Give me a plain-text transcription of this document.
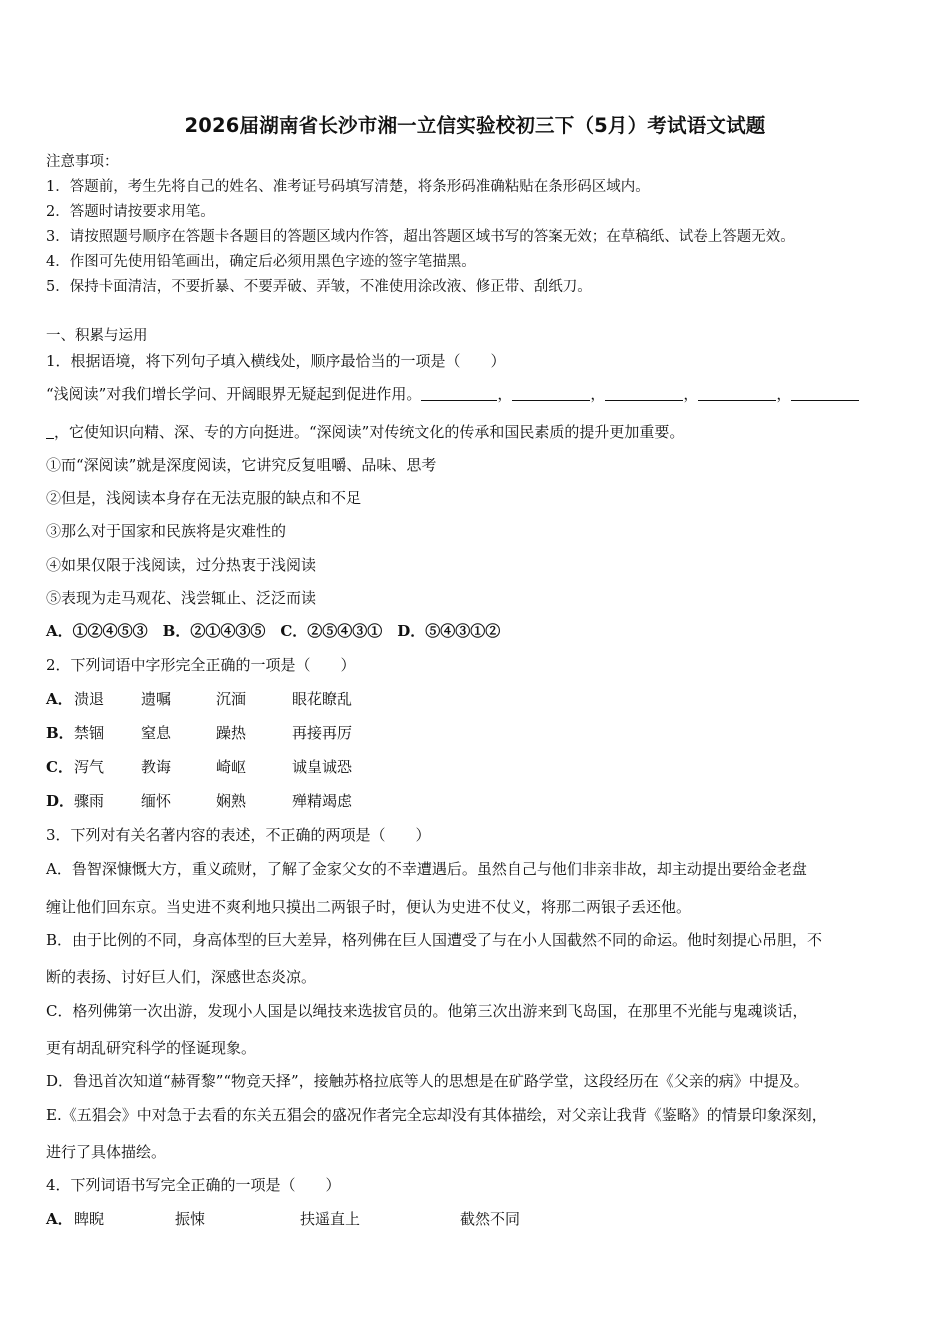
2026届湖南省长沙市湘一立信实验校初三下（5月）考试语文试题
注意事项：
1．答题前，考生先将自己的姓名、准考证号码填写清楚，将条形码准确粘贴在条形码区域内。
2．答题时请按要求用笔。
3．请按照题号顺序在答题卡各题目的答题区域内作答，超出答题区域书写的答案无效；在草稿纸、试卷上答题无效。
4．作图可先使用铅笔画出，确定后必须用黑色字迹的签字笔描黑。
5．保持卡面清洁，不要折暴、不要弄破、弄皱，不准使用涂改液、修正带、刮纸刀。
一、积累与运用
1．根据语境，将下列句子填入横线处，顺序最恰当的一项是（　　）
“浅阅读”对我们增长学问、开阔眼界无疑起到促进作用。	，	，	，	，
，它使知识向精、深、专的方向挺进。“深阅读”对传统文化的传承和国民素质的提升更加重要。
①而“深阅读”就是深度阅读，它讲究反复咀嚼、品味、思考
②但是，浅阅读本身存在无法克服的缺点和不足
③那么对于国家和民族将是灾难性的
④如果仅限于浅阅读，过分热衷于浅阅读
⑤表现为走马观花、浅尝辄止、泛泛而读
A．①②④⑤③　B．②①④③⑤　C．②⑤④③①　D．⑤④③①②
2．下列词语中字形完全正确的一项是（　　）
A． 溃退 遗嘱	沉湎	眼花瞭乱
B． 禁锢 窒息	躁热	再接再厉
C． 泻气 教诲	崎岖	诚皇诚恐
D． 骤雨 缅怀	娴熟	殚精竭虑
3．下列对有关名著内容的表述，不正确的两项是（　　）
A．鲁智深慷慨大方，重义疏财，了解了金家父女的不幸遭遇后。虽然自己与他们非亲非故，却主动提出要给金老盘
缠让他们回东京。当史进不爽利地只摸出二两银子时，便认为史进不仗义，将那二两银子丢还他。
B．由于比例的不同，身高体型的巨大差异，格列佛在巨人国遭受了与在小人国截然不同的命运。他时刻提心吊胆，不
断的表扬、讨好巨人们，深感世态炎凉。
C．格列佛第一次出游，发现小人国是以绳技来选拔官员的。他第三次出游来到飞岛国，在那里不光能与鬼魂谈话，
更有胡乱研究科学的怪诞现象。
D．鲁迅首次知道“赫胥黎”“物竞天择”，接触苏格拉底等人的思想是在矿路学堂，这段经历在《父亲的病》中提及。
E.《五猖会》中对急于去看的东关五猖会的盛况作者完全忘却没有其体描绘，对父亲让我背《鉴略》的情景印象深刻，
进行了具体描绘。
4．下列词语书写完全正确的一项是（　　）
A． 睥睨	振悚	扶遥直上	截然不同
